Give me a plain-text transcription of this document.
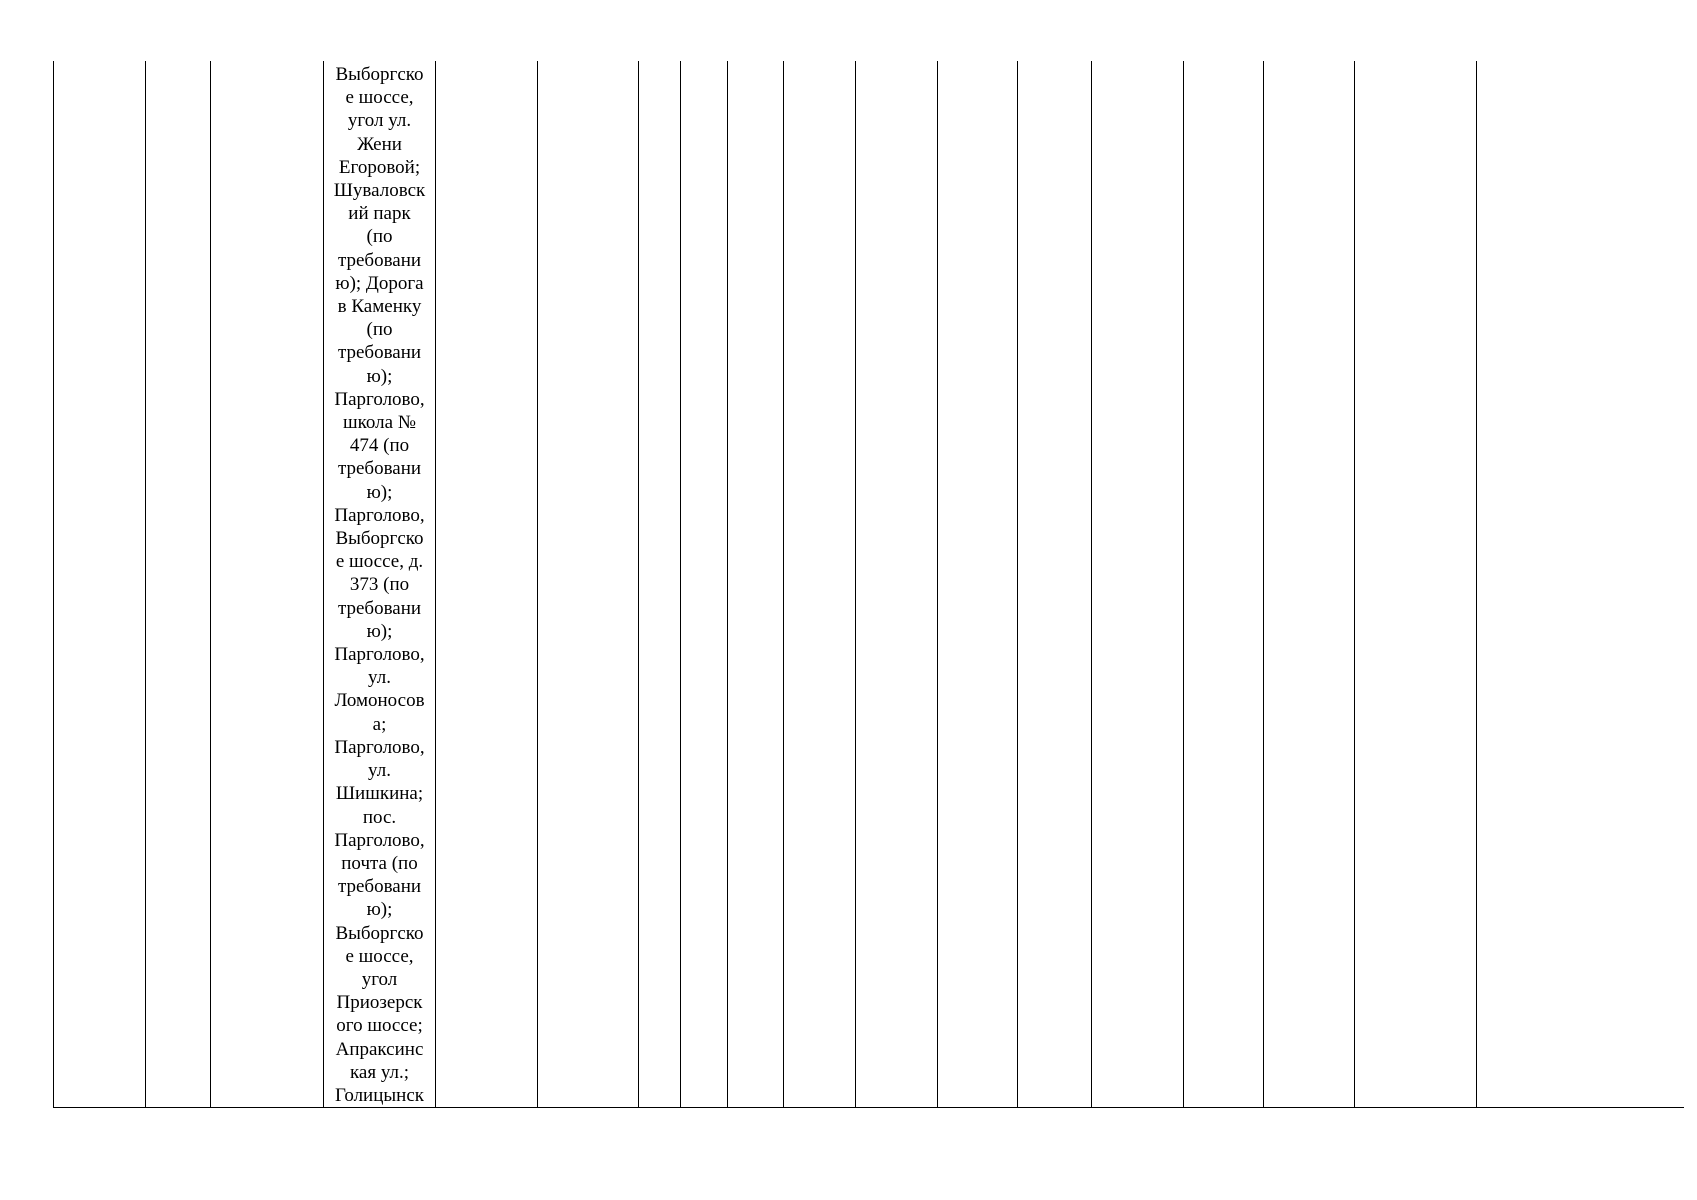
Выборгско
е шоссе,
угол ул.
Жени
Егоровой;
Шуваловск
ий парк
(по
требовани
ю); Дорога
в Каменку
(по
требовани
ю);
Парголово,
школа №
474 (по
требовани
ю);
Парголово,
Выборгско
е шоссе, д.
373 (по
требовани
ю);
Парголово,
ул.
Ломоносов
а;
Парголово,
ул.
Шишкина;
пос.
Парголово,
почта (по
требовани
ю);
Выборгско
е шоссе,
угол
Приозерск
ого шоссе;
Апраксинс
кая ул.;
Голицынск
